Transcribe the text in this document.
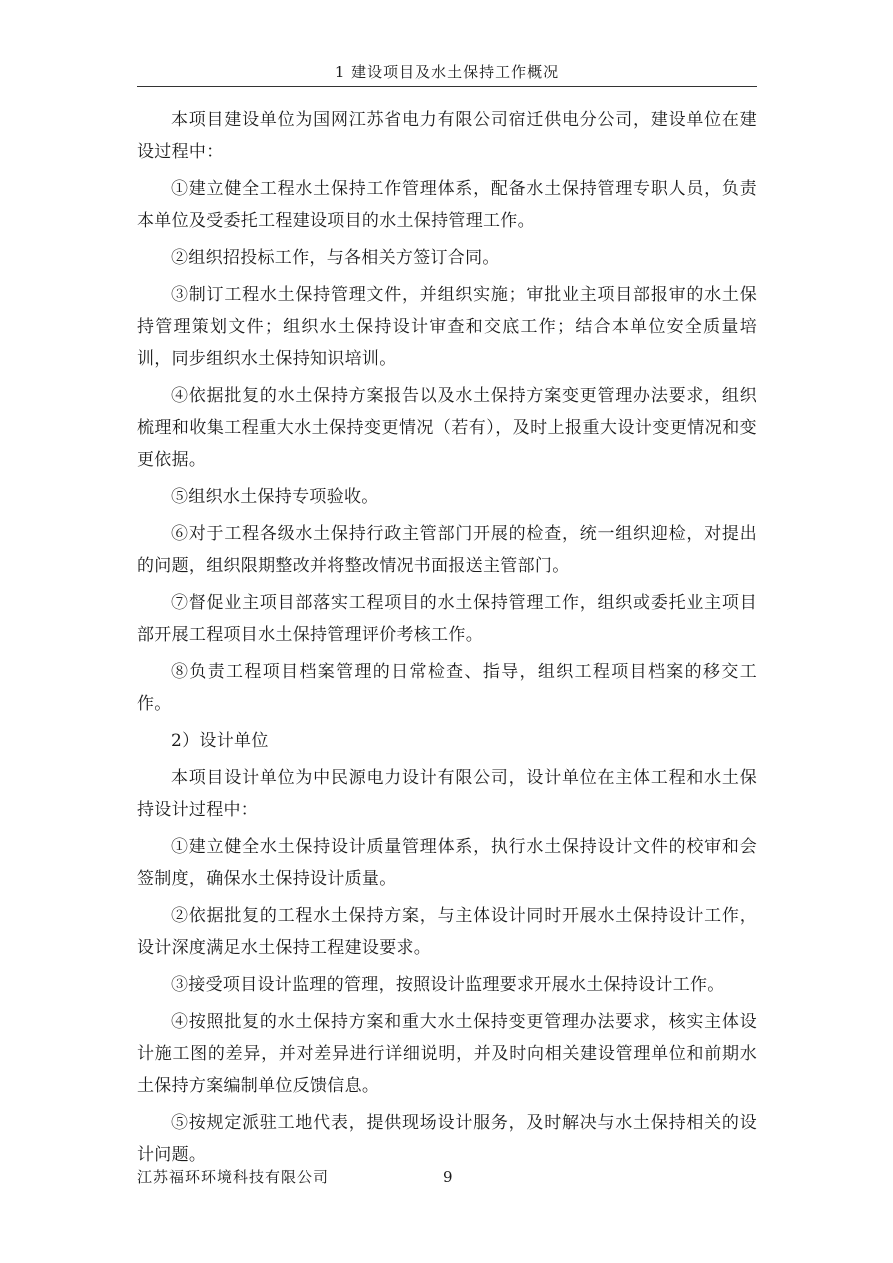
1 建设项目及水土保持工作概况

本项目建设单位为国网江苏省电力有限公司宿迁供电分公司，建设单位在建设过程中：

①建立健全工程水土保持工作管理体系，配备水土保持管理专职人员，负责本单位及受委托工程建设项目的水土保持管理工作。

②组织招投标工作，与各相关方签订合同。

③制订工程水土保持管理文件，并组织实施；审批业主项目部报审的水土保持管理策划文件；组织水土保持设计审查和交底工作；结合本单位安全质量培训，同步组织水土保持知识培训。

④依据批复的水土保持方案报告以及水土保持方案变更管理办法要求，组织梳理和收集工程重大水土保持变更情况（若有），及时上报重大设计变更情况和变更依据。

⑤组织水土保持专项验收。

⑥对于工程各级水土保持行政主管部门开展的检查，统一组织迎检，对提出的问题，组织限期整改并将整改情况书面报送主管部门。

⑦督促业主项目部落实工程项目的水土保持管理工作，组织或委托业主项目部开展工程项目水土保持管理评价考核工作。

⑧负责工程项目档案管理的日常检查、指导，组织工程项目档案的移交工作。

2）设计单位

本项目设计单位为中民源电力设计有限公司，设计单位在主体工程和水土保持设计过程中：

①建立健全水土保持设计质量管理体系，执行水土保持设计文件的校审和会签制度，确保水土保持设计质量。

②依据批复的工程水土保持方案，与主体设计同时开展水土保持设计工作，设计深度满足水土保持工程建设要求。

③接受项目设计监理的管理，按照设计监理要求开展水土保持设计工作。

④按照批复的水土保持方案和重大水土保持变更管理办法要求，核实主体设计施工图的差异，并对差异进行详细说明，并及时向相关建设管理单位和前期水土保持方案编制单位反馈信息。

⑤按规定派驻工地代表，提供现场设计服务，及时解决与水土保持相关的设计问题。

江苏福环环境科技有限公司	9
